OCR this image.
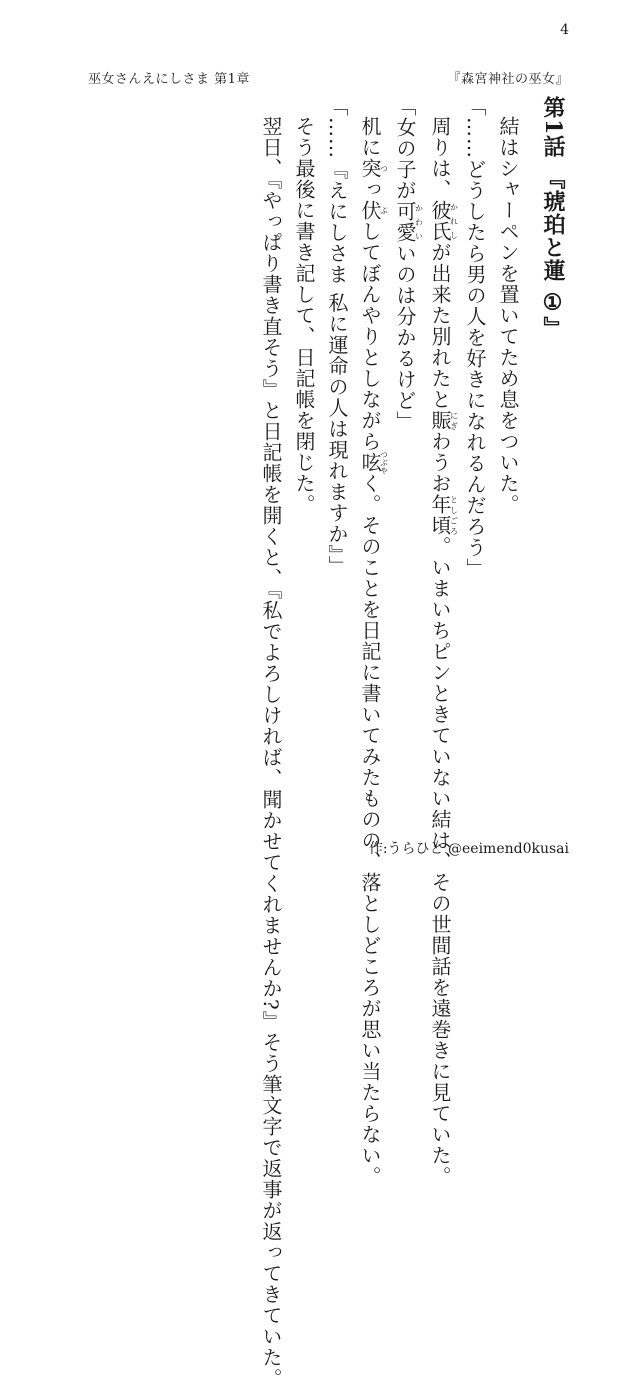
4
巫女さんえにしさま 第1章	『森宮神社の巫女』
第1話 『琥珀と蓮 ①』

結はシャーペンを置いてため息をついた。

「……どうしたら男の人を好きになれるんだろう」

周りは、彼氏かれしが出来た別れたと賑にぎわうお年頃としごろ。いまいちピンときていない結は、その世間話を遠巻きに見ていた。

「女の子が可愛かわいいのは分かるけど」

机に突つっ伏ぷしてぼんやりとしながら呟つぶやく。そのことを日記に書いてみたものの、落としどころが思い当たらない。

「……『えにしさま 私に運命の人は現れますか』」

そう最後に書き記して、日記帳を閉じた。

翌日、『やっぱり書き直そう』と日記帳を開くと、『私でよろしければ、聞かせてくれませんか?』そう筆文字で返事が返ってきていた。	作:うらひと @eeimend0kusai
